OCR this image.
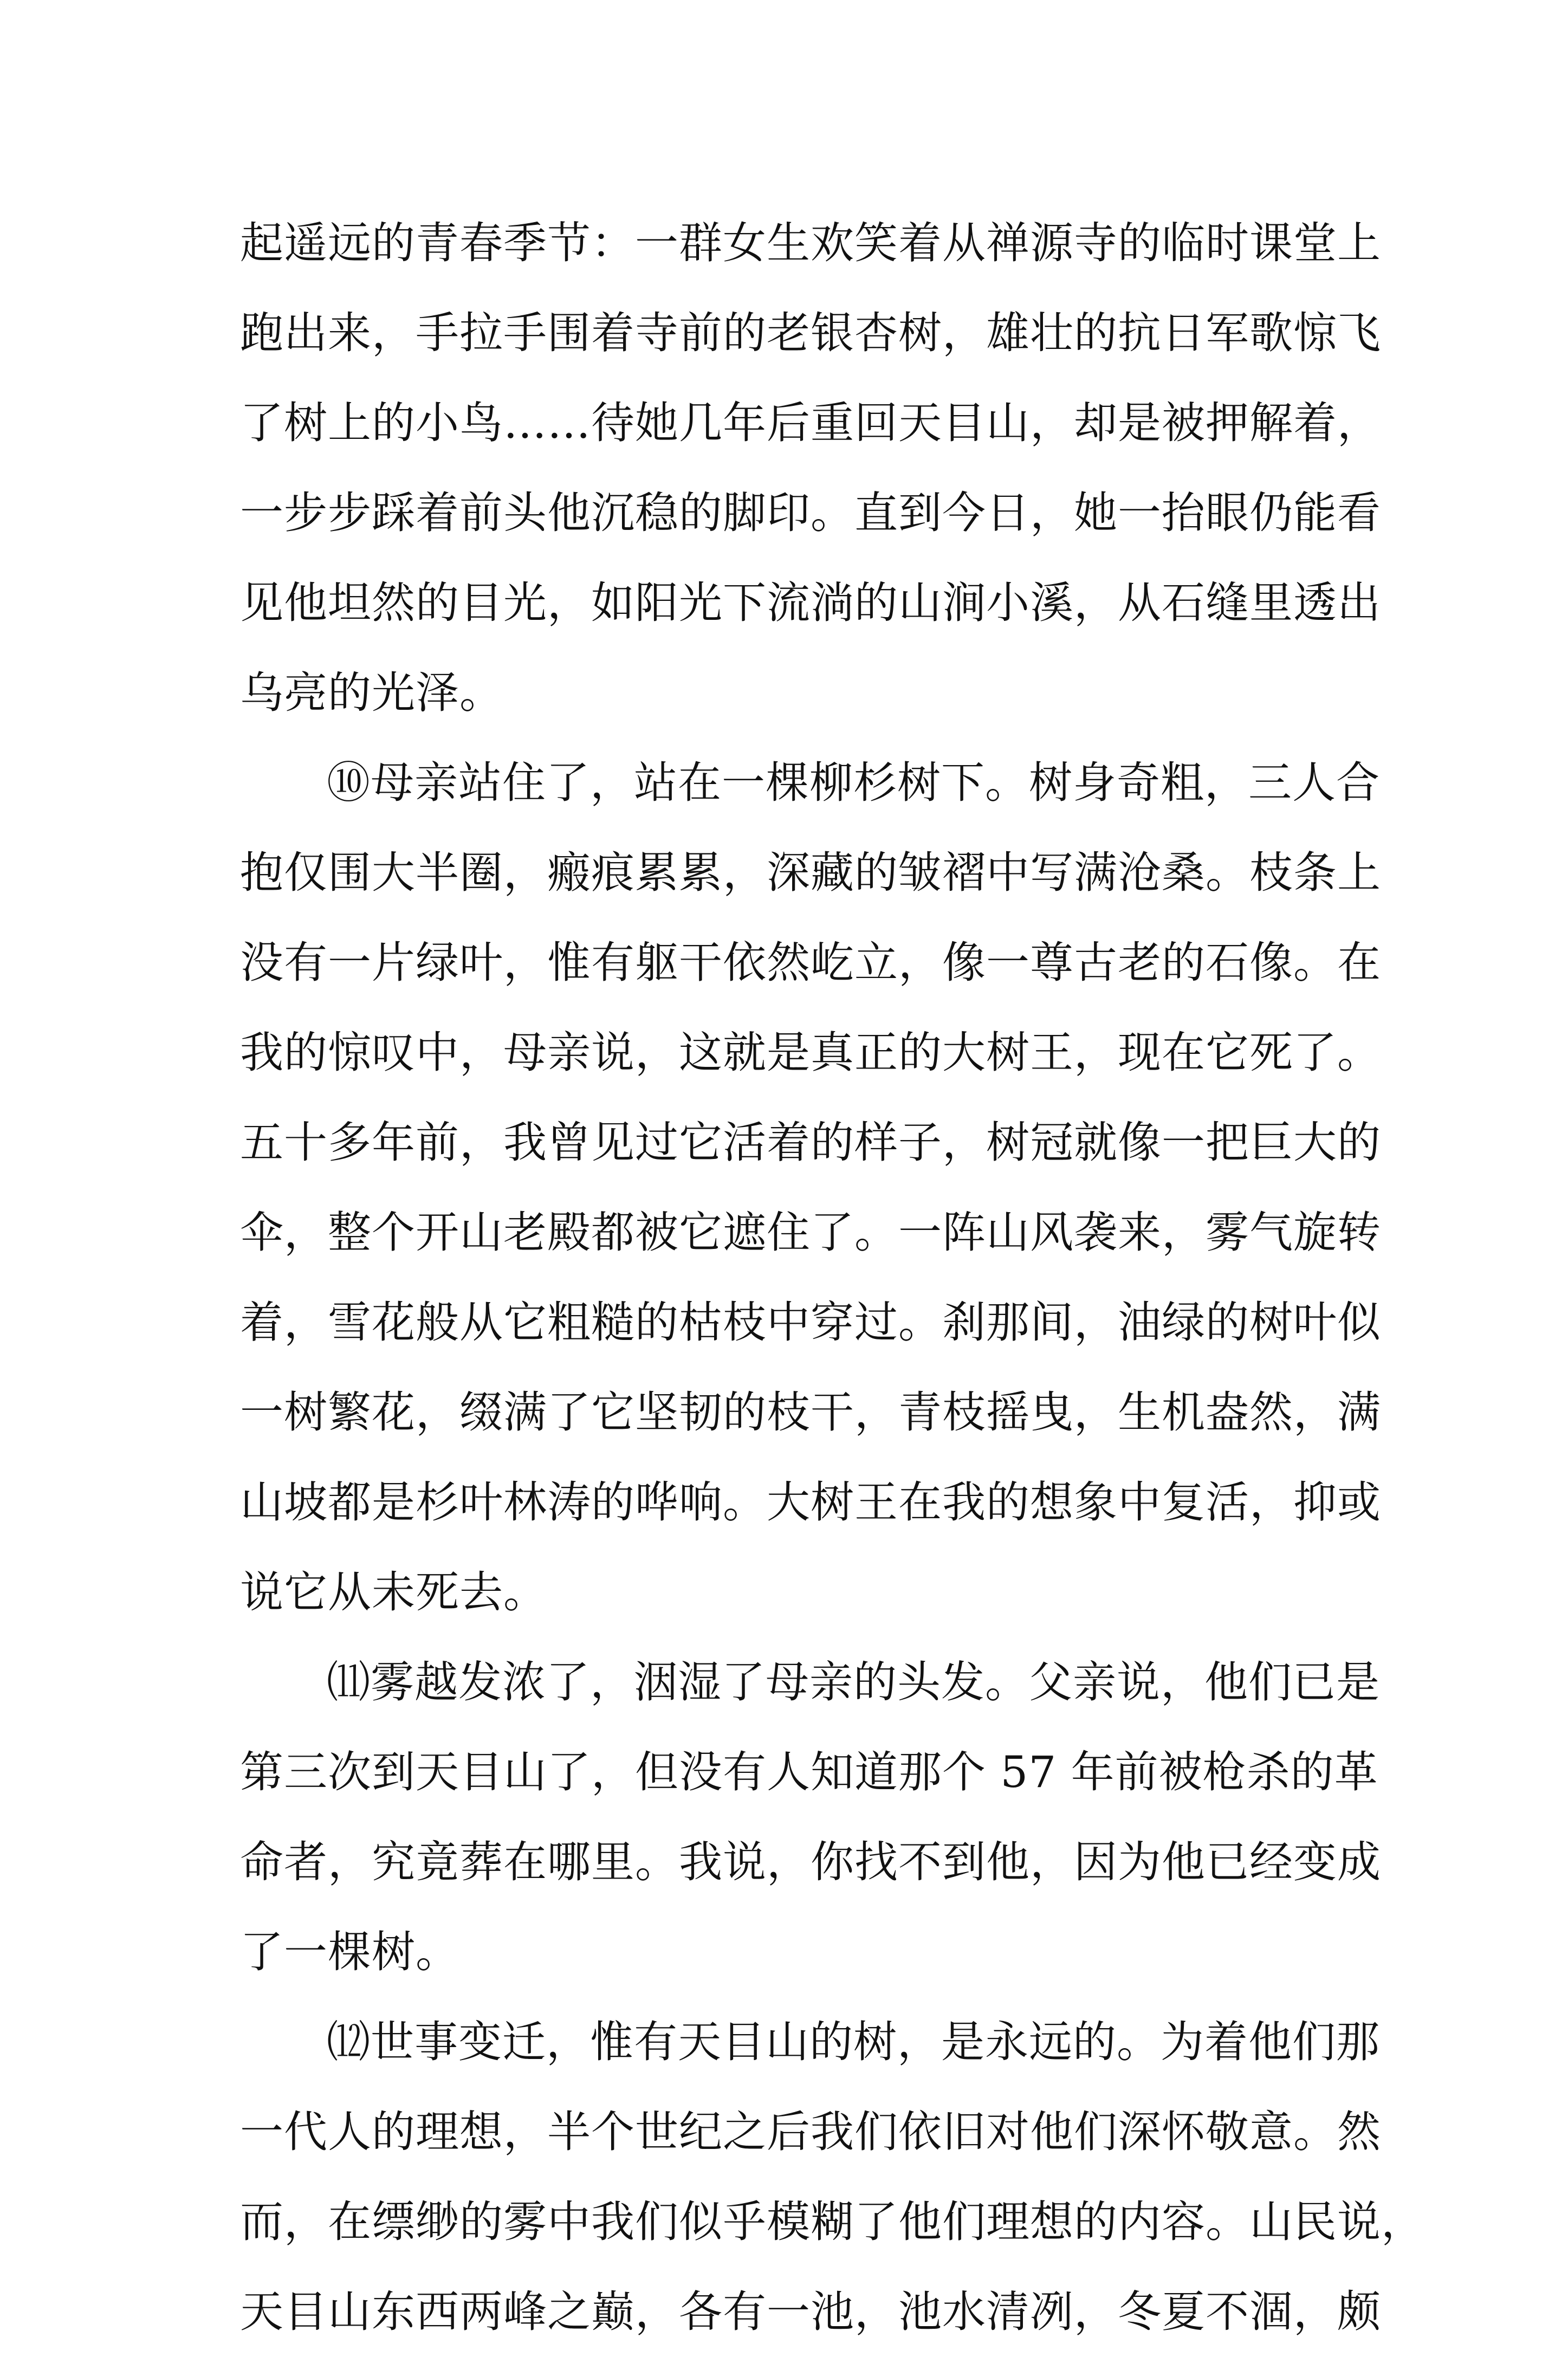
起遥远的青春季节：一群女生欢笑着从禅源寺的临时课堂上
跑出来，手拉手围着寺前的老银杏树，雄壮的抗日军歌惊飞
了树上的小鸟……待她几年后重回天目山，却是被押解着，
一步步踩着前头他沉稳的脚印。直到今日，她一抬眼仍能看
见他坦然的目光，如阳光下流淌的山涧小溪，从石缝里透出
乌亮的光泽。
⑩母亲站住了，站在一棵柳杉树下。树身奇粗，三人合
抱仅围大半圈，瘢痕累累，深藏的皱褶中写满沧桑。枝条上
没有一片绿叶，惟有躯干依然屹立，像一尊古老的石像。在
我的惊叹中，母亲说，这就是真正的大树王，现在它死了。
五十多年前，我曾见过它活着的样子，树冠就像一把巨大的
伞，整个开山老殿都被它遮住了。一阵山风袭来，雾气旋转
着，雪花般从它粗糙的枯枝中穿过。刹那间，油绿的树叶似
一树繁花，缀满了它坚韧的枝干，青枝摇曳，生机盎然，满
山坡都是杉叶林涛的哗响。大树王在我的想象中复活，抑或
说它从未死去。
⑾雾越发浓了，洇湿了母亲的头发。父亲说，他们已是
第三次到天目山了，但没有人知道那个 57 年前被枪杀的革
命者，究竟葬在哪里。我说，你找不到他，因为他已经变成
了一棵树。
⑿世事变迁，惟有天目山的树，是永远的。为着他们那
一代人的理想，半个世纪之后我们依旧对他们深怀敬意。然
而，在缥缈的雾中我们似乎模糊了他们理想的内容。山民说，
天目山东西两峰之巅，各有一池，池水清冽，冬夏不涸，颇
